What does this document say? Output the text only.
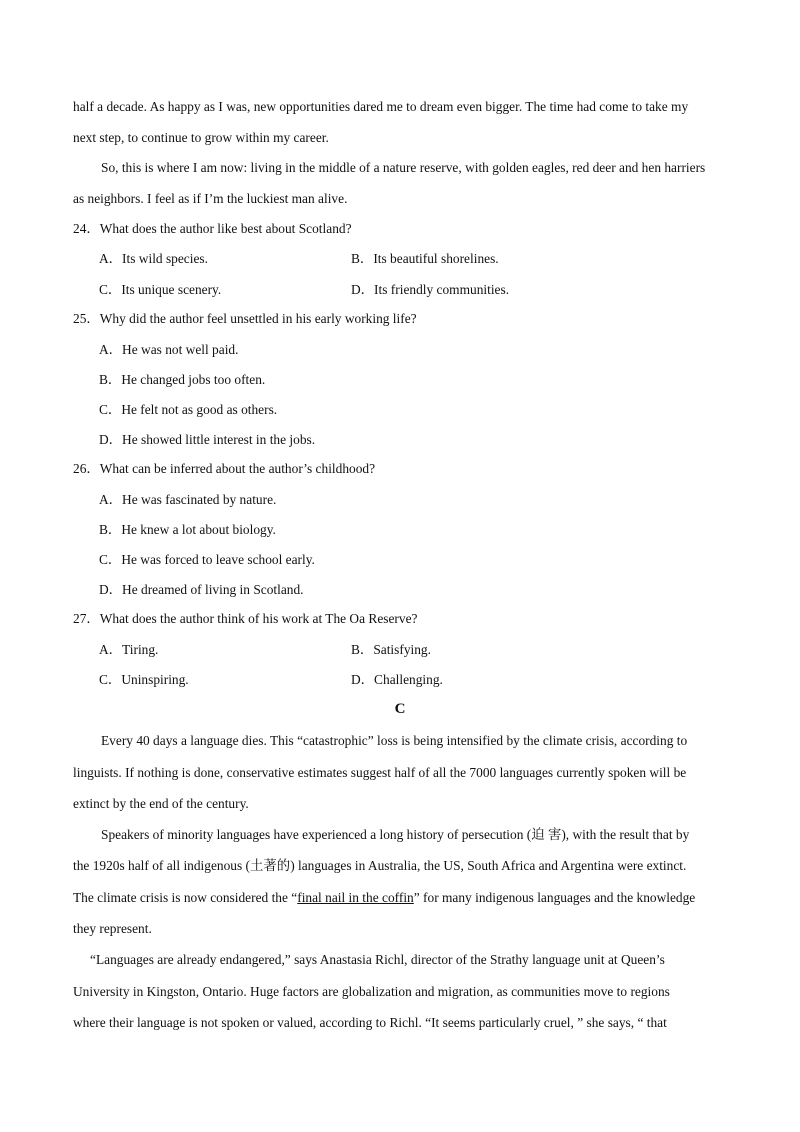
half a decade. As happy as I was, new opportunities dared me to dream even bigger. The time had come to take my
next step, to continue to grow within my career.
So, this is where I am now: living in the middle of a nature reserve, with golden eagles, red deer and hen harriers
as neighbors. I feel as if I’m the luckiest man alive.
24．What does the author like best about Scotland?
A．Its wild species.	B．Its beautiful shorelines.
C．Its unique scenery.	D．Its friendly communities.
25．Why did the author feel unsettled in his early working life?
A．He was not well paid.
B．He changed jobs too often.
C．He felt not as good as others.
D．He showed little interest in the jobs.
26．What can be inferred about the author’s childhood?
A．He was fascinated by nature.
B．He knew a lot about biology.
C．He was forced to leave school early.
D．He dreamed of living in Scotland.
27．What does the author think of his work at The Oa Reserve?
A．Tiring.	B．Satisfying.
C．Uninspiring.	D．Challenging.
C
Every 40 days a language dies. This “catastrophic” loss is being intensified by the climate crisis, according to
linguists. If nothing is done, conservative estimates suggest half of all the 7000 languages currently spoken will be
extinct by the end of the century.
Speakers of minority languages have experienced a long history of persecution (迫 害), with the result that by
the 1920s half of all indigenous (土著的) languages in Australia, the US, South Africa and Argentina were extinct.
The climate crisis is now considered the “final nail in the coffin” for many indigenous languages and the knowledge
they represent.
“Languages are already endangered,” says Anastasia Richl, director of the Strathy language unit at Queen’s
University in Kingston, Ontario. Huge factors are globalization and migration, as communities move to regions
where their language is not spoken or valued, according to Richl. “It seems particularly cruel, ” she says, “ that
